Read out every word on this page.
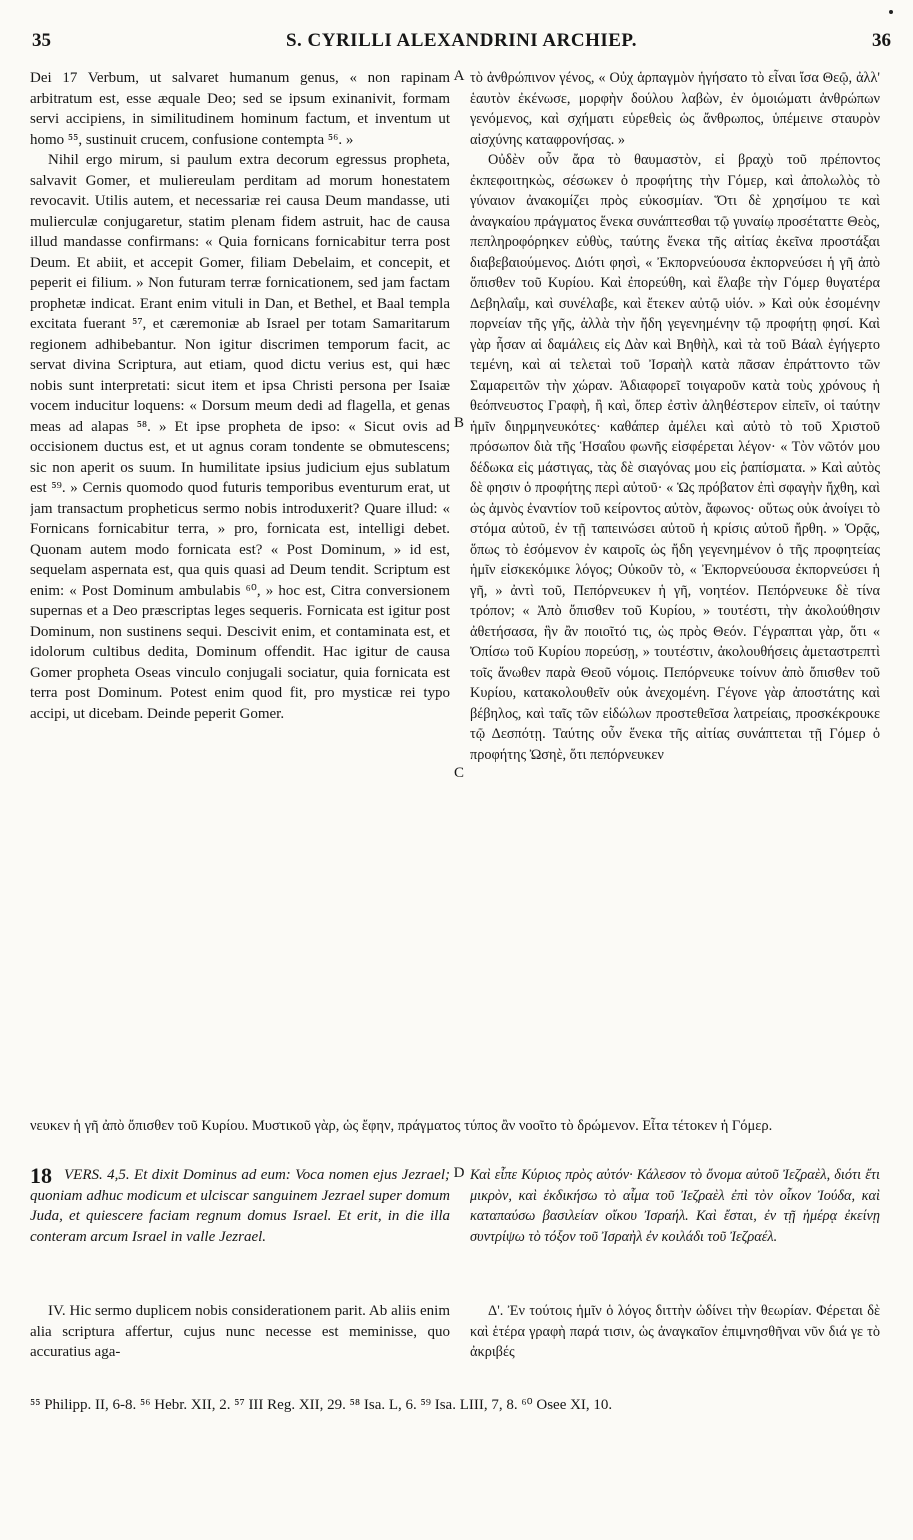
35	S. CYRILLI ALEXANDRINI ARCHIEP.	36

Dei 17 Verbum, ut salvaret humanum genus, « non rapinam arbitratum est, esse æquale Deo; sed se ipsum exinanivit, formam servi accipiens, in similitudinem hominum factum, et inventum ut homo ⁵⁵, sustinuit crucem, confusione contempta ⁵⁶. »

Nihil ergo mirum, si paulum extra decorum egressus propheta, salvavit Gomer, et muliereulam perditam ad morum honestatem revocavit. Utilis autem, et necessariæ rei causa Deum mandasse, uti mulierculæ conjugaretur, statim plenam fidem astruit, hac de causa illud mandasse confirmans: « Quia fornicans fornicabitur terra post Deum. Et abiit, et accepit Gomer, filiam Debelaim, et concepit, et peperit ei filium. » Non futuram terræ fornicationem, sed jam factam prophetæ indicat. Erant enim vituli in Dan, et Bethel, et Baal templa excitata fuerant ⁵⁷, et cæremoniæ ab Israel per totam Samaritarum regionem adhibebantur. Non igitur discrimen temporum facit, ac servat divina Scriptura, aut etiam, quod dictu verius est, qui hæc nobis sunt interpretati: sicut item et ipsa Christi persona per Isaiæ vocem inducitur loquens: « Dorsum meum dedi ad flagella, et genas meas ad alapas ⁵⁸. » Et ipse propheta de ipso: « Sicut ovis ad occisionem ductus est, et ut agnus coram tondente se obmutescens; sic non aperit os suum. In humilitate ipsius judicium ejus sublatum est ⁵⁹. » Cernis quomodo quod futuris temporibus eventurum erat, ut jam transactum propheticus sermo nobis introduxerit? Quare illud: « Fornicans fornicabitur terra, » pro, fornicata est, intelligi debet. Quonam autem modo fornicata est? « Post Dominum, » id est, sequelam aspernata est, qua quis quasi ad Deum tendit. Scriptum est enim: « Post Dominum ambulabis ⁶⁰, » hoc est, Citra conversionem supernas et a Deo præscriptas leges sequeris. Fornicata est igitur post Dominum, non sustinens sequi. Descivit enim, et contaminata est, et idolorum cultibus dedita, Dominum offendit. Hac igitur de causa Gomer propheta Oseas vinculo conjugali sociatur, quia fornicata est terra post Dominum. Potest enim quod fit, pro mysticæ rei typo accipi, ut dicebam. Deinde peperit Gomer.

τὸ ἀνθρώπινον γένος, « Οὐχ ἁρπαγμὸν ἡγήσατο τὸ εἶναι ἴσα Θεῷ, ἀλλ' ἑαυτὸν ἐκένωσε, μορφὴν δούλου λαβὼν, ἐν ὁμοιώματι ἀνθρώπων γενόμενος, καὶ σχήματι εὑρεθεὶς ὡς ἄνθρωπος, ὑπέμεινε σταυρὸν αἰσχύνης καταφρονήσας. »

Οὐδὲν οὖν ἄρα τὸ θαυμαστὸν, εἰ βραχὺ τοῦ πρέποντος ἐκπεφοιτηκὼς, σέσωκεν ὁ προφήτης τὴν Γόμερ, καὶ ἀπολωλὸς τὸ γύναιον ἀνακομίζει πρὸς εὐκοσμίαν. Ὅτι δὲ χρησίμου τε καὶ ἀναγκαίου πράγματος ἕνεκα συνάπτεσθαι τῷ γυναίῳ προσέταττε Θεὸς, πεπληροφόρηκεν εὐθὺς, ταύτης ἕνεκα τῆς αἰτίας ἐκεῖνα προστάξαι διαβεβαιούμενος. Διότι φησὶ, « Ἐκπορνεύουσα ἐκπορνεύσει ἡ γῆ ἀπὸ ὄπισθεν τοῦ Κυρίου. Καὶ ἐπορεύθη, καὶ ἔλαβε τὴν Γόμερ θυγατέρα Δεβηλαΐμ, καὶ συνέλαβε, καὶ ἔτεκεν αὐτῷ υἱόν. » Καὶ οὐκ ἐσομένην πορνείαν τῆς γῆς, ἀλλὰ τὴν ἤδη γεγενημένην τῷ προφήτῃ φησί. Καὶ γὰρ ἦσαν αἱ δαμάλεις εἰς Δὰν καὶ Βηθὴλ, καὶ τὰ τοῦ Βάαλ ἐγήγερτο τεμένη, καὶ αἱ τελεταὶ τοῦ Ἰσραὴλ κατὰ πᾶσαν ἐπράττοντο τῶν Σαμαρειτῶν τὴν χώραν. Ἀδιαφορεῖ τοιγαροῦν κατὰ τοὺς χρόνους ἡ θεόπνευστος Γραφὴ, ἢ καὶ, ὅπερ ἐστὶν ἀληθέστερον εἰπεῖν, οἱ ταύτην ἡμῖν διηρμηνευκότες· καθάπερ ἀμέλει καὶ αὐτὸ τὸ τοῦ Χριστοῦ πρόσωπον διὰ τῆς Ἡσαΐου φωνῆς εἰσφέρεται λέγον· « Τὸν νῶτόν μου δέδωκα εἰς μάστιγας, τὰς δὲ σιαγόνας μου εἰς ῥαπίσματα. » Καὶ αὐτὸς δὲ φησιν ὁ προφήτης περὶ αὐτοῦ· « Ὡς πρόβατον ἐπὶ σφαγὴν ἤχθη, καὶ ὡς ἀμνὸς ἐναντίον τοῦ κείροντος αὐτὸν, ἄφωνος· οὕτως οὐκ ἀνοίγει τὸ στόμα αὐτοῦ, ἐν τῇ ταπεινώσει αὐτοῦ ἡ κρίσις αὐτοῦ ἤρθη. » Ὁρᾷς, ὅπως τὸ ἐσόμενον ἐν καιροῖς ὡς ἤδη γεγενημένον ὁ τῆς προφητείας ἡμῖν εἰσκεκόμικε λόγος; Οὐκοῦν τὸ, « Ἐκπορνεύουσα ἐκπορνεύσει ἡ γῆ, » ἀντὶ τοῦ, Πεπόρνευκεν ἡ γῆ, νοητέον. Πεπόρνευκε δὲ τίνα τρόπον; « Ἀπὸ ὄπισθεν τοῦ Κυρίου, » τουτέστι, τὴν ἀκολούθησιν ἀθετήσασα, ἣν ἂν ποιοῖτό τις, ὡς πρὸς Θεόν. Γέγραπται γὰρ, ὅτι « Ὀπίσω τοῦ Κυρίου πορεύσῃ, » τουτέστιν, ἀκολουθήσεις ἀμεταστρεπτὶ τοῖς ἄνωθεν παρὰ Θεοῦ νόμοις. Πεπόρνευκε τοίνυν ἀπὸ ὄπισθεν τοῦ Κυρίου, κατακολουθεῖν οὐκ ἀνεχομένη. Γέγονε γὰρ ἀποστάτης καὶ βέβηλος, καὶ ταῖς τῶν εἰδώλων προστεθεῖσα λατρείαις, προσκέκρουκε τῷ Δεσπότῃ. Ταύτης οὖν ἕνεκα τῆς αἰτίας συνάπτεται τῇ Γόμερ ὁ προφήτης Ὠσηὲ, ὅτι πεπόρνευκεν

A
B
C
D

νευκεν ἡ γῆ ἀπὸ ὄπισθεν τοῦ Κυρίου. Μυστικοῦ γὰρ, ὡς ἔφην, πράγματος τύπος ἂν νοοῖτο τὸ δρώμενον. Εἶτα τέτοκεν ἡ Γόμερ.

18 VERS. 4,5. Et dixit Dominus ad eum: Voca nomen ejus Jezrael; quoniam adhuc modicum et ulciscar sanguinem Jezrael super domum Juda, et quiescere faciam regnum domus Israel. Et erit, in die illa conteram arcum Israel in valle Jezrael.
Καὶ εἶπε Κύριος πρὸς αὐτόν· Κάλεσον τὸ ὄνομα αὐτοῦ Ἰεζραὲλ, διότι ἔτι μικρὸν, καὶ ἐκδικήσω τὸ αἷμα τοῦ Ἰεζραὲλ ἐπὶ τὸν οἶκον Ἰούδα, καὶ καταπαύσω βασιλείαν οἴκου Ἰσραήλ. Καὶ ἔσται, ἐν τῇ ἡμέρᾳ ἐκείνῃ συντρίψω τὸ τόξον τοῦ Ἰσραὴλ ἐν κοιλάδι τοῦ Ἰεζραέλ.
IV. Hic sermo duplicem nobis considerationem parit. Ab aliis enim alia scriptura affertur, cujus nunc necesse est meminisse, quo accuratius aga-
Δ'. Ἐν τούτοις ἡμῖν ὁ λόγος διττὴν ὠδίνει τὴν θεωρίαν. Φέρεται δὲ καὶ ἑτέρα γραφὴ παρά τισιν, ὡς ἀναγκαῖον ἐπιμνησθῆναι νῦν διά γε τὸ ἀκριβές
⁵⁵ Philipp. II, 6-8. ⁵⁶ Hebr. XII, 2. ⁵⁷ III Reg. XII, 29. ⁵⁸ Isa. L, 6. ⁵⁹ Isa. LIII, 7, 8. ⁶⁰ Osee XI, 10.
